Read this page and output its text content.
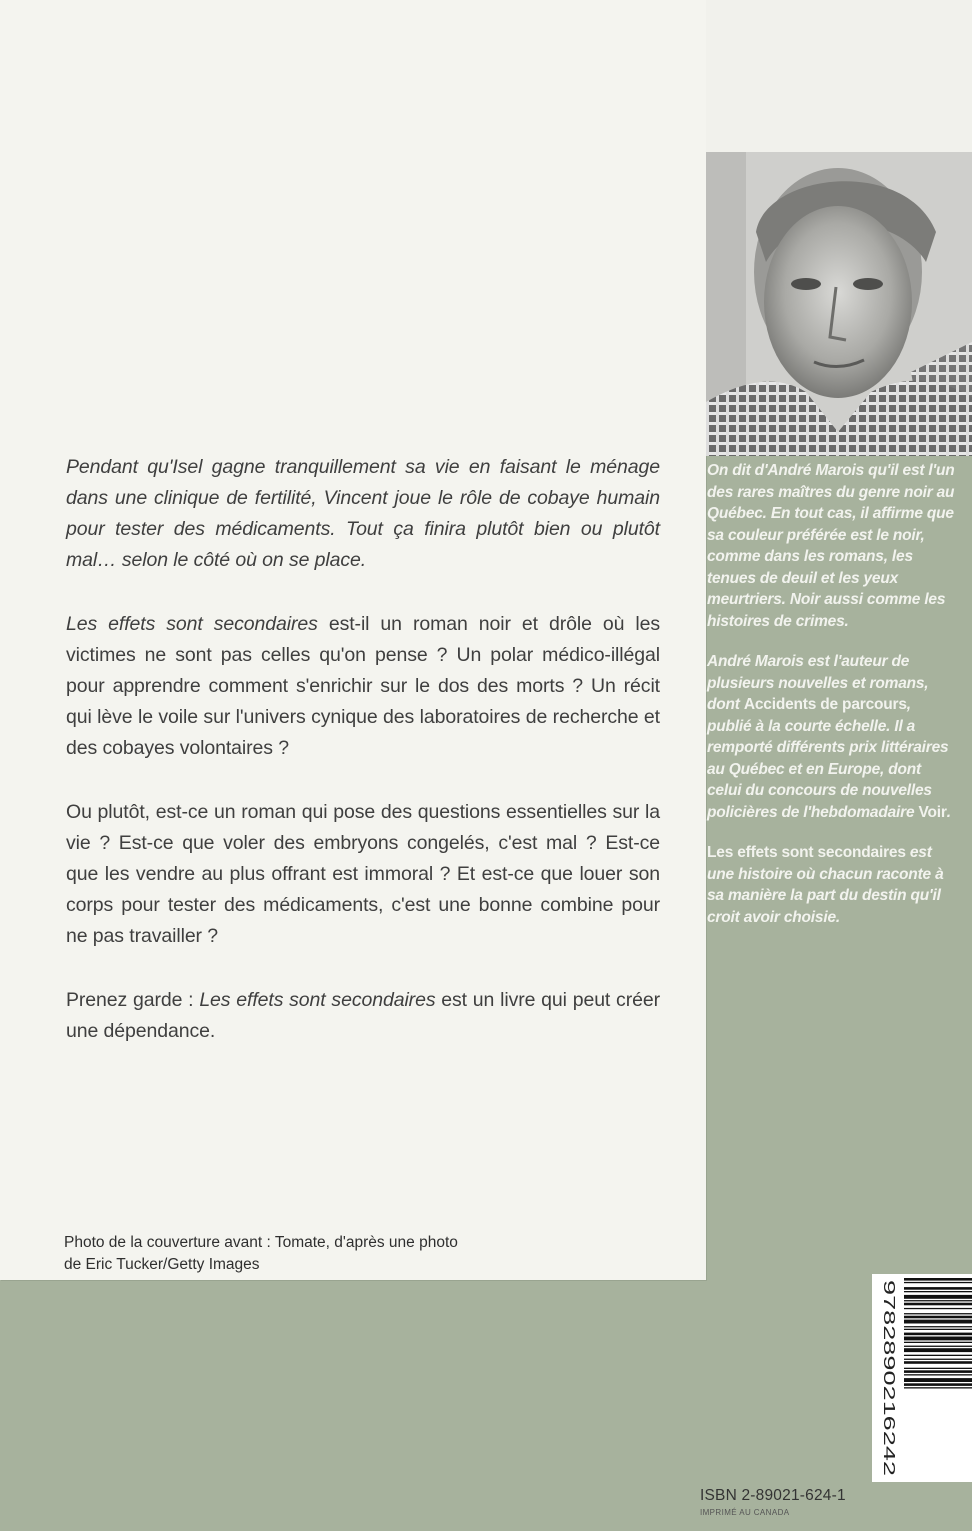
Pendant qu'Isel gagne tranquillement sa vie en faisant le ménage dans une clinique de fertilité, Vincent joue le rôle de cobaye humain pour tester des médicaments. Tout ça finira plutôt bien ou plutôt mal… selon le côté où on se place.

Les effets sont secondaires est-il un roman noir et drôle où les victimes ne sont pas celles qu'on pense ? Un polar médico-illégal pour apprendre comment s'enrichir sur le dos des morts ? Un récit qui lève le voile sur l'univers cynique des laboratoires de recherche et des cobayes volontaires ?

Ou plutôt, est-ce un roman qui pose des questions essentielles sur la vie ? Est-ce que voler des embryons congelés, c'est mal ? Est-ce que les vendre au plus offrant est immoral ? Et est-ce que louer son corps pour tester des médicaments, c'est une bonne combine pour ne pas travailler ?

Prenez garde : Les effets sont secondaires est un livre qui peut créer une dépendance.

Photo de la couverture avant : Tomate, d'après une photo
de Eric Tucker/Getty Images

On dit d'André Marois qu'il est l'un des rares maîtres du genre noir au Québec. En tout cas, il affirme que sa couleur préférée est le noir, comme dans les romans, les tenues de deuil et les yeux meurtriers. Noir aussi comme les histoires de crimes.

André Marois est l'auteur de plusieurs nouvelles et romans, dont Accidents de parcours, publié à la courte échelle. Il a remporté différents prix littéraires au Québec et en Europe, dont celui du concours de nouvelles policières de l'hebdomadaire Voir.

Les effets sont secondaires est une histoire où chacun raconte à sa manière la part du destin qu'il croit avoir choisie.

9782890216242
ISBN 2-89021-624-1
IMPRIMÉ AU CANADA
